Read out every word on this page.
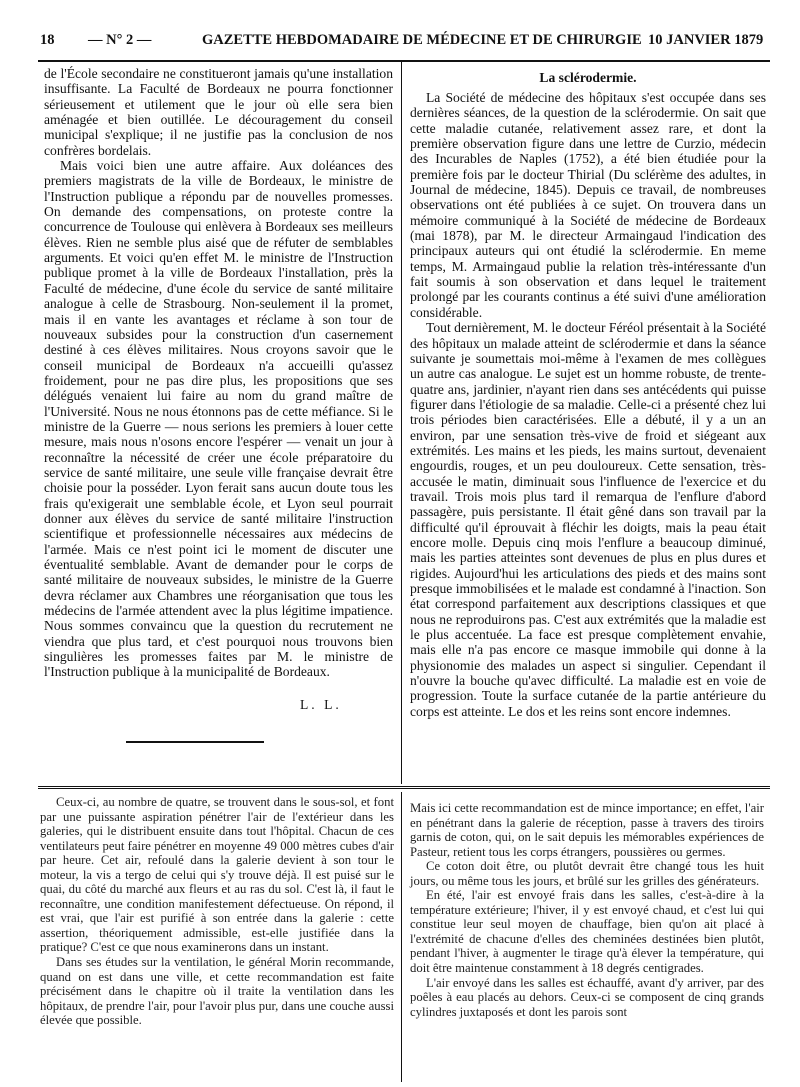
18 — N° 2 —	GAZETTE HEBDOMADAIRE DE MÉDECINE ET DE CHIRURGIE 10 JANVIER 1879

de l'École secondaire ne constitueront jamais qu'une installation insuffisante. La Faculté de Bordeaux ne pourra fonctionner sérieusement et utilement que le jour où elle sera bien aménagée et bien outillée. Le découragement du conseil municipal s'explique; il ne justifie pas la conclusion de nos confrères bordelais.

Mais voici bien une autre affaire. Aux doléances des premiers magistrats de la ville de Bordeaux, le ministre de l'Instruction publique a répondu par de nouvelles promesses. On demande des compensations, on proteste contre la concurrence de Toulouse qui enlèvera à Bordeaux ses meilleurs élèves. Rien ne semble plus aisé que de réfuter de semblables arguments. Et voici qu'en effet M. le ministre de l'Instruction publique promet à la ville de Bordeaux l'installation, près la Faculté de médecine, d'une école du service de santé militaire analogue à celle de Strasbourg. Non-seulement il la promet, mais il en vante les avantages et réclame à son tour de nouveaux subsides pour la construction d'un casernement destiné à ces élèves militaires. Nous croyons savoir que le conseil municipal de Bordeaux n'a accueilli qu'assez froidement, pour ne pas dire plus, les propositions que ses délégués venaient lui faire au nom du grand maître de l'Université. Nous ne nous étonnons pas de cette méfiance. Si le ministre de la Guerre — nous serions les premiers à louer cette mesure, mais nous n'osons encore l'espérer — venait un jour à reconnaître la nécessité de créer une école préparatoire du service de santé militaire, une seule ville française devrait être choisie pour la posséder. Lyon ferait sans aucun doute tous les frais qu'exigerait une semblable école, et Lyon seul pourrait donner aux élèves du service de santé militaire l'instruction scientifique et professionnelle nécessaires aux médecins de l'armée. Mais ce n'est point ici le moment de discuter une éventualité semblable. Avant de demander pour le corps de santé militaire de nouveaux subsides, le ministre de la Guerre devra réclamer aux Chambres une réorganisation que tous les médecins de l'armée attendent avec la plus légitime impatience. Nous sommes convaincu que la question du recrutement ne viendra que plus tard, et c'est pourquoi nous trouvons bien singulières les promesses faites par M. le ministre de l'Instruction publique à la municipalité de Bordeaux.

L. L.
La sclérodermie.

La Société de médecine des hôpitaux s'est occupée dans ses dernières séances, de la question de la sclérodermie. On sait que cette maladie cutanée, relativement assez rare, et dont la première observation figure dans une lettre de Curzio, médecin des Incurables de Naples (1752), a été bien étudiée pour la première fois par le docteur Thirial (Du sclérème des adultes, in Journal de médecine, 1845). Depuis ce travail, de nombreuses observations ont été publiées à ce sujet. On trouvera dans un mémoire communiqué à la Société de médecine de Bordeaux (mai 1878), par M. le directeur Armaingaud l'indication des principaux auteurs qui ont étudié la sclérodermie. En meme temps, M. Armaingaud publie la relation très-intéressante d'un fait soumis à son observation et dans lequel le traitement prolongé par les courants continus a été suivi d'une amélioration considérable.

Tout dernièrement, M. le docteur Féréol présentait à la Société des hôpitaux un malade atteint de sclérodermie et dans la séance suivante je soumettais moi-même à l'examen de mes collègues un autre cas analogue. Le sujet est un homme robuste, de trente-quatre ans, jardinier, n'ayant rien dans ses antécédents qui puisse figurer dans l'étiologie de sa maladie. Celle-ci a présenté chez lui trois périodes bien caractérisées. Elle a débuté, il y a un an environ, par une sensation très-vive de froid et siégeant aux extrémités. Les mains et les pieds, les mains surtout, devenaient engourdis, rouges, et un peu douloureux. Cette sensation, très-accusée le matin, diminuait sous l'influence de l'exercice et du travail. Trois mois plus tard il remarqua de l'enflure d'abord passagère, puis persistante. Il était gêné dans son travail par la difficulté qu'il éprouvait à fléchir les doigts, mais la peau était encore molle. Depuis cinq mois l'enflure a beaucoup diminué, mais les parties atteintes sont devenues de plus en plus dures et rigides. Aujourd'hui les articulations des pieds et des mains sont presque immobilisées et le malade est condamné à l'inaction. Son état correspond parfaitement aux descriptions classiques et que nous ne reproduirons pas. C'est aux extrémités que la maladie est le plus accentuée. La face est presque complètement envahie, mais elle n'a pas encore ce masque immobile qui donne à la physionomie des malades un aspect si singulier. Cependant il n'ouvre la bouche qu'avec difficulté. La maladie est en voie de progression. Toute la surface cutanée de la partie antérieure du corps est atteinte. Le dos et les reins sont encore indemnes.

Ceux-ci, au nombre de quatre, se trouvent dans le sous-sol, et font par une puissante aspiration pénétrer l'air de l'extérieur dans les galeries, qui le distribuent ensuite dans tout l'hôpital. Chacun de ces ventilateurs peut faire pénétrer en moyenne 49 000 mètres cubes d'air par heure. Cet air, refoulé dans la galerie devient à son tour le moteur, la vis a tergo de celui qui s'y trouve déjà. Il est puisé sur le quai, du côté du marché aux fleurs et au ras du sol. C'est là, il faut le reconnaître, une condition manifestement défectueuse. On répond, il est vrai, que l'air est purifié à son entrée dans la galerie : cette assertion, théoriquement admissible, est-elle justifiée dans la pratique? C'est ce que nous examinerons dans un instant.

Dans ses études sur la ventilation, le général Morin recommande, quand on est dans une ville, et cette recommandation est faite précisément dans le chapitre où il traite la ventilation dans les hôpitaux, de prendre l'air, pour l'avoir plus pur, dans une couche aussi élevée que possible.

Mais ici cette recommandation est de mince importance; en effet, l'air en pénétrant dans la galerie de réception, passe à travers des tiroirs garnis de coton, qui, on le sait depuis les mémorables expériences de Pasteur, retient tous les corps étrangers, poussières ou germes.

Ce coton doit être, ou plutôt devrait être changé tous les huit jours, ou même tous les jours, et brûlé sur les grilles des générateurs.

En été, l'air est envoyé frais dans les salles, c'est-à-dire à la température extérieure; l'hiver, il y est envoyé chaud, et c'est lui qui constitue leur seul moyen de chauffage, bien qu'on ait placé à l'extrémité de chacune d'elles des cheminées destinées bien plutôt, pendant l'hiver, à augmenter le tirage qu'à élever la température, qui doit être maintenue constamment à 18 degrés centigrades.

L'air envoyé dans les salles est échauffé, avant d'y arriver, par des poêles à eau placés au dehors. Ceux-ci se composent de cinq grands cylindres juxtaposés et dont les parois sont
